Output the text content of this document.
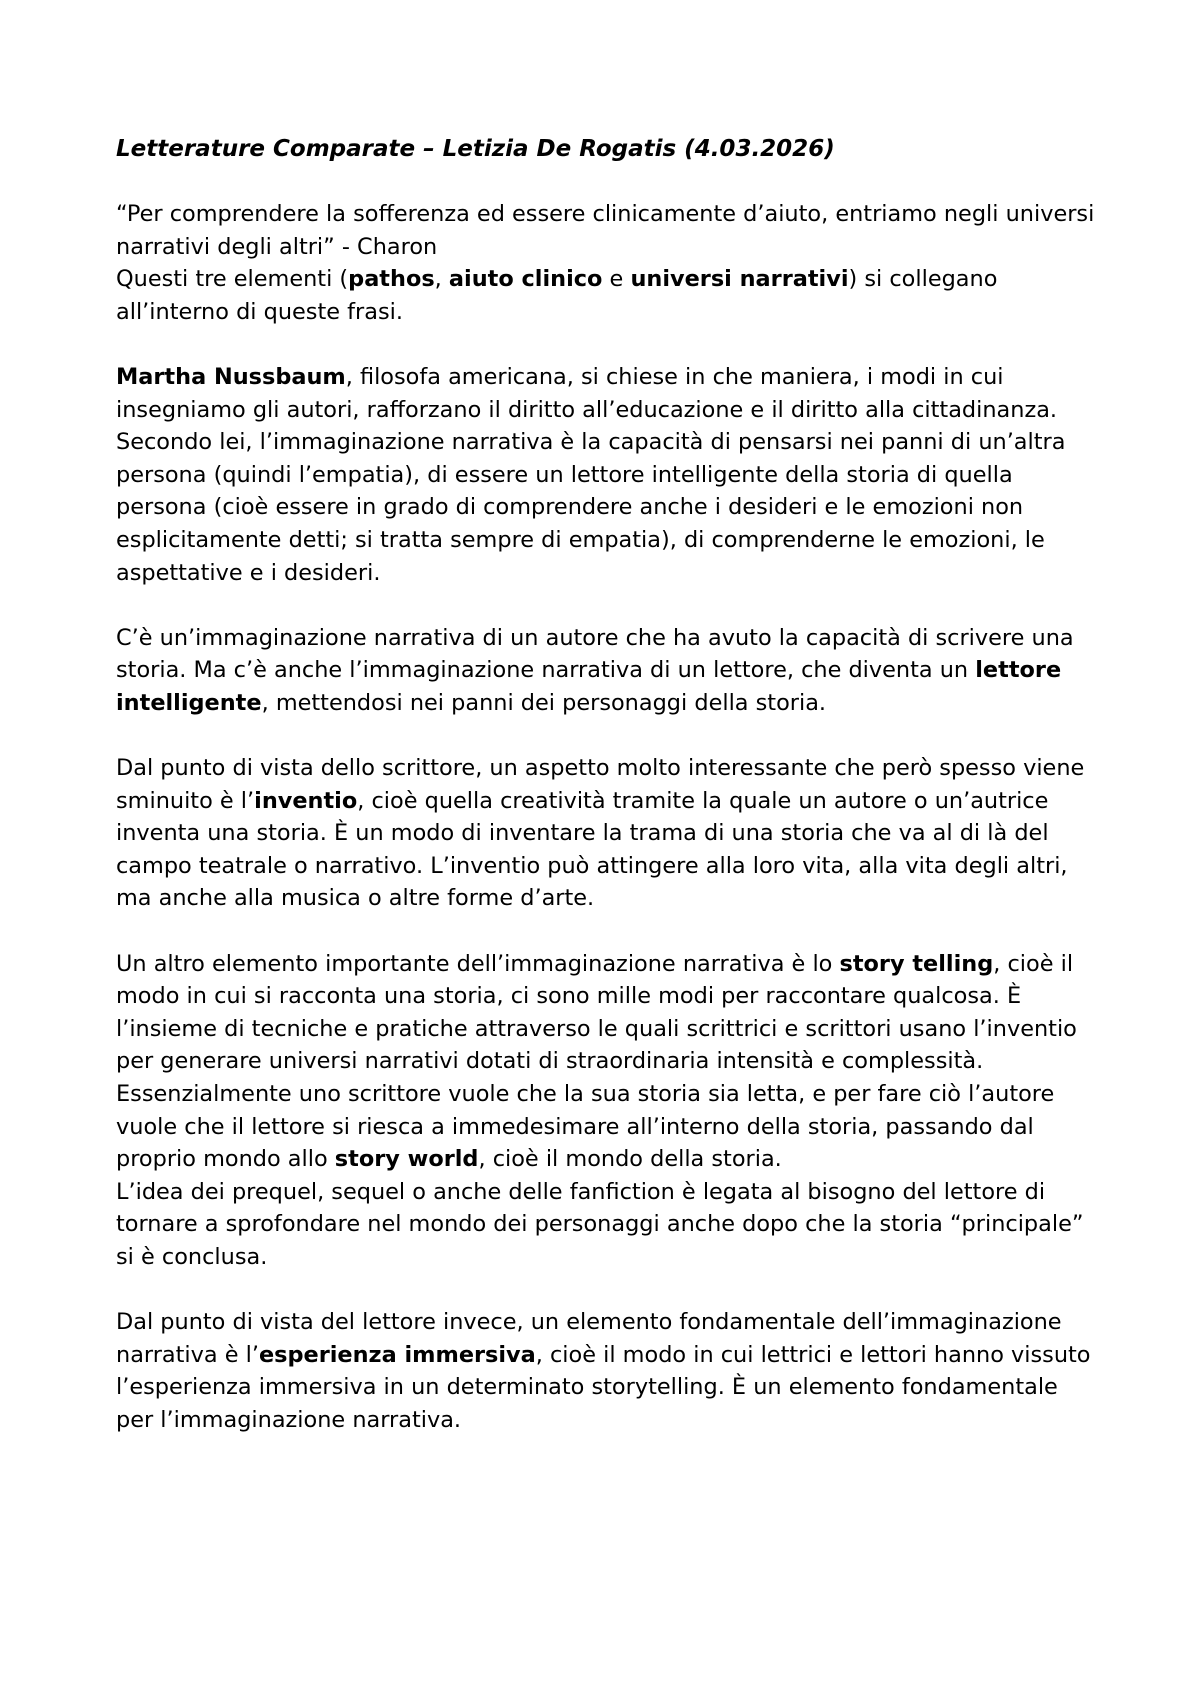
Letterature Comparate – Letizia De Rogatis (4.03.2026)

“Per comprendere la sofferenza ed essere clinicamente d’aiuto, entriamo negli universi narrativi degli altri” - Charon

Questi tre elementi (pathos, aiuto clinico e universi narrativi) si collegano all’interno di queste frasi.

Martha Nussbaum, filosofa americana, si chiese in che maniera, i modi in cui insegniamo gli autori, rafforzano il diritto all’educazione e il diritto alla cittadinanza. Secondo lei, l’immaginazione narrativa è la capacità di pensarsi nei panni di un’altra persona (quindi l’empatia), di essere un lettore intelligente della storia di quella persona (cioè essere in grado di comprendere anche i desideri e le emozioni non esplicitamente detti; si tratta sempre di empatia), di comprenderne le emozioni, le aspettative e i desideri.

C’è un’immaginazione narrativa di un autore che ha avuto la capacità di scrivere una storia. Ma c’è anche l’immaginazione narrativa di un lettore, che diventa un lettore intelligente, mettendosi nei panni dei personaggi della storia.

Dal punto di vista dello scrittore, un aspetto molto interessante che però spesso viene sminuito è l’inventio, cioè quella creatività tramite la quale un autore o un’autrice inventa una storia. È un modo di inventare la trama di una storia che va al di là del campo teatrale o narrativo. L’inventio può attingere alla loro vita, alla vita degli altri, ma anche alla musica o altre forme d’arte.

Un altro elemento importante dell’immaginazione narrativa è lo story telling, cioè il modo in cui si racconta una storia, ci sono mille modi per raccontare qualcosa. È l’insieme di tecniche e pratiche attraverso le quali scrittrici e scrittori usano l’inventio per generare universi narrativi dotati di straordinaria intensità e complessità. Essenzialmente uno scrittore vuole che la sua storia sia letta, e per fare ciò l’autore vuole che il lettore si riesca a immedesimare all’interno della storia, passando dal proprio mondo allo story world, cioè il mondo della storia.

L’idea dei prequel, sequel o anche delle fanfiction è legata al bisogno del lettore di tornare a sprofondare nel mondo dei personaggi anche dopo che la storia “principale” si è conclusa.

Dal punto di vista del lettore invece, un elemento fondamentale dell’immaginazione narrativa è l’esperienza immersiva, cioè il modo in cui lettrici e lettori hanno vissuto l’esperienza immersiva in un determinato storytelling. È un elemento fondamentale per l’immaginazione narrativa.
